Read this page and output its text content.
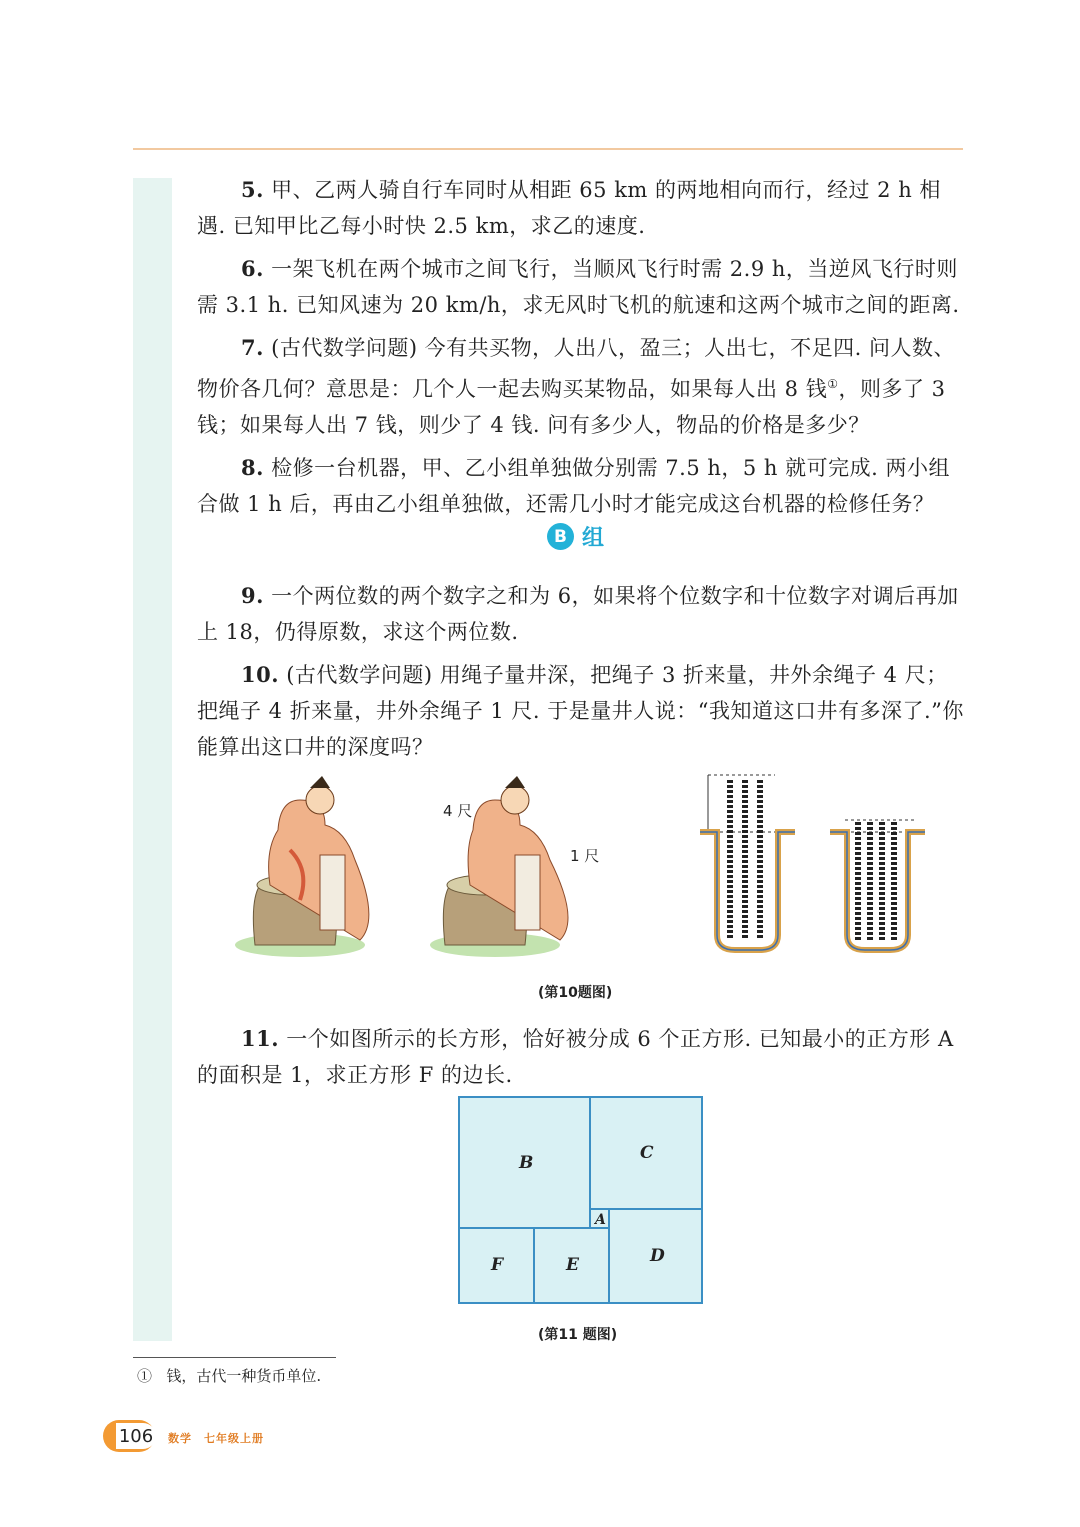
5. 甲、乙两人骑自行车同时从相距 65 km 的两地相向而行，经过 2 h 相遇. 已知甲比乙每小时快 2.5 km，求乙的速度.

6. 一架飞机在两个城市之间飞行，当顺风飞行时需 2.9 h，当逆风飞行时则需 3.1 h. 已知风速为 20 km/h，求无风时飞机的航速和这两个城市之间的距离.

7. (古代数学问题) 今有共买物，人出八，盈三；人出七，不足四. 问人数、物价各几何？意思是：几个人一起去购买某物品，如果每人出 8 钱①，则多了 3 钱；如果每人出 7 钱，则少了 4 钱. 问有多少人，物品的价格是多少？

8. 检修一台机器，甲、乙小组单独做分别需 7.5 h，5 h 就可完成. 两小组合做 1 h 后，再由乙小组单独做，还需几小时才能完成这台机器的检修任务？

B 组

9. 一个两位数的两个数字之和为 6，如果将个位数字和十位数字对调后再加上 18，仍得原数，求这个两位数.

10. (古代数学问题) 用绳子量井深，把绳子 3 折来量，井外余绳子 4 尺；把绳子 4 折来量，井外余绳子 1 尺. 于是量井人说：“我知道这口井有多深了.”你能算出这口井的深度吗？

4 尺
1 尺
(第10题图)

11. 一个如图所示的长方形，恰好被分成 6 个正方形. 已知最小的正方形 A 的面积是 1，求正方形 F 的边长.

B	C
A
F	E	D
(第11 题图)
① 钱，古代一种货币单位.
106 数学　七年级上册
